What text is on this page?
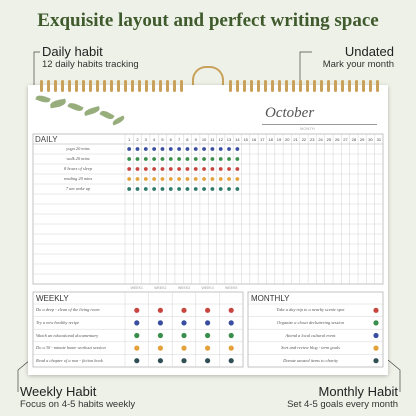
Exquisite layout and perfect writing space
Daily habit
12 daily habits tracking
Undated
Mark your month
Weekly Habit
Focus on 4-5 habits weekly
Monthly Habit
Set 4-5 goals every month
October
MONTH
DAILY	1	2	3	4	5	6	7	8	9	10	11	12 13 14 15 16 17 18 19 20 21 22 23 24 25 26 27 28 29 30 31
yoga 20 mins
walk 20 mins
8 hours of sleep
reading 20 mins
7 am wake up
WEEKLY	MONTHLY
WEEK1	WEEK2	WEEK3	WEEK4	WEEK5
Do a deep - clean of the living room
Try a new healthy recipe
Watch an educational documentary
Do a 30 - minute home workout session
Read a chapter of a non - fiction book
Take a day trip to a nearby scenic spot
Organize a closet decluttering session
Attend a local cultural event
Sort and review blog - term goals
Donate unused items to charity
